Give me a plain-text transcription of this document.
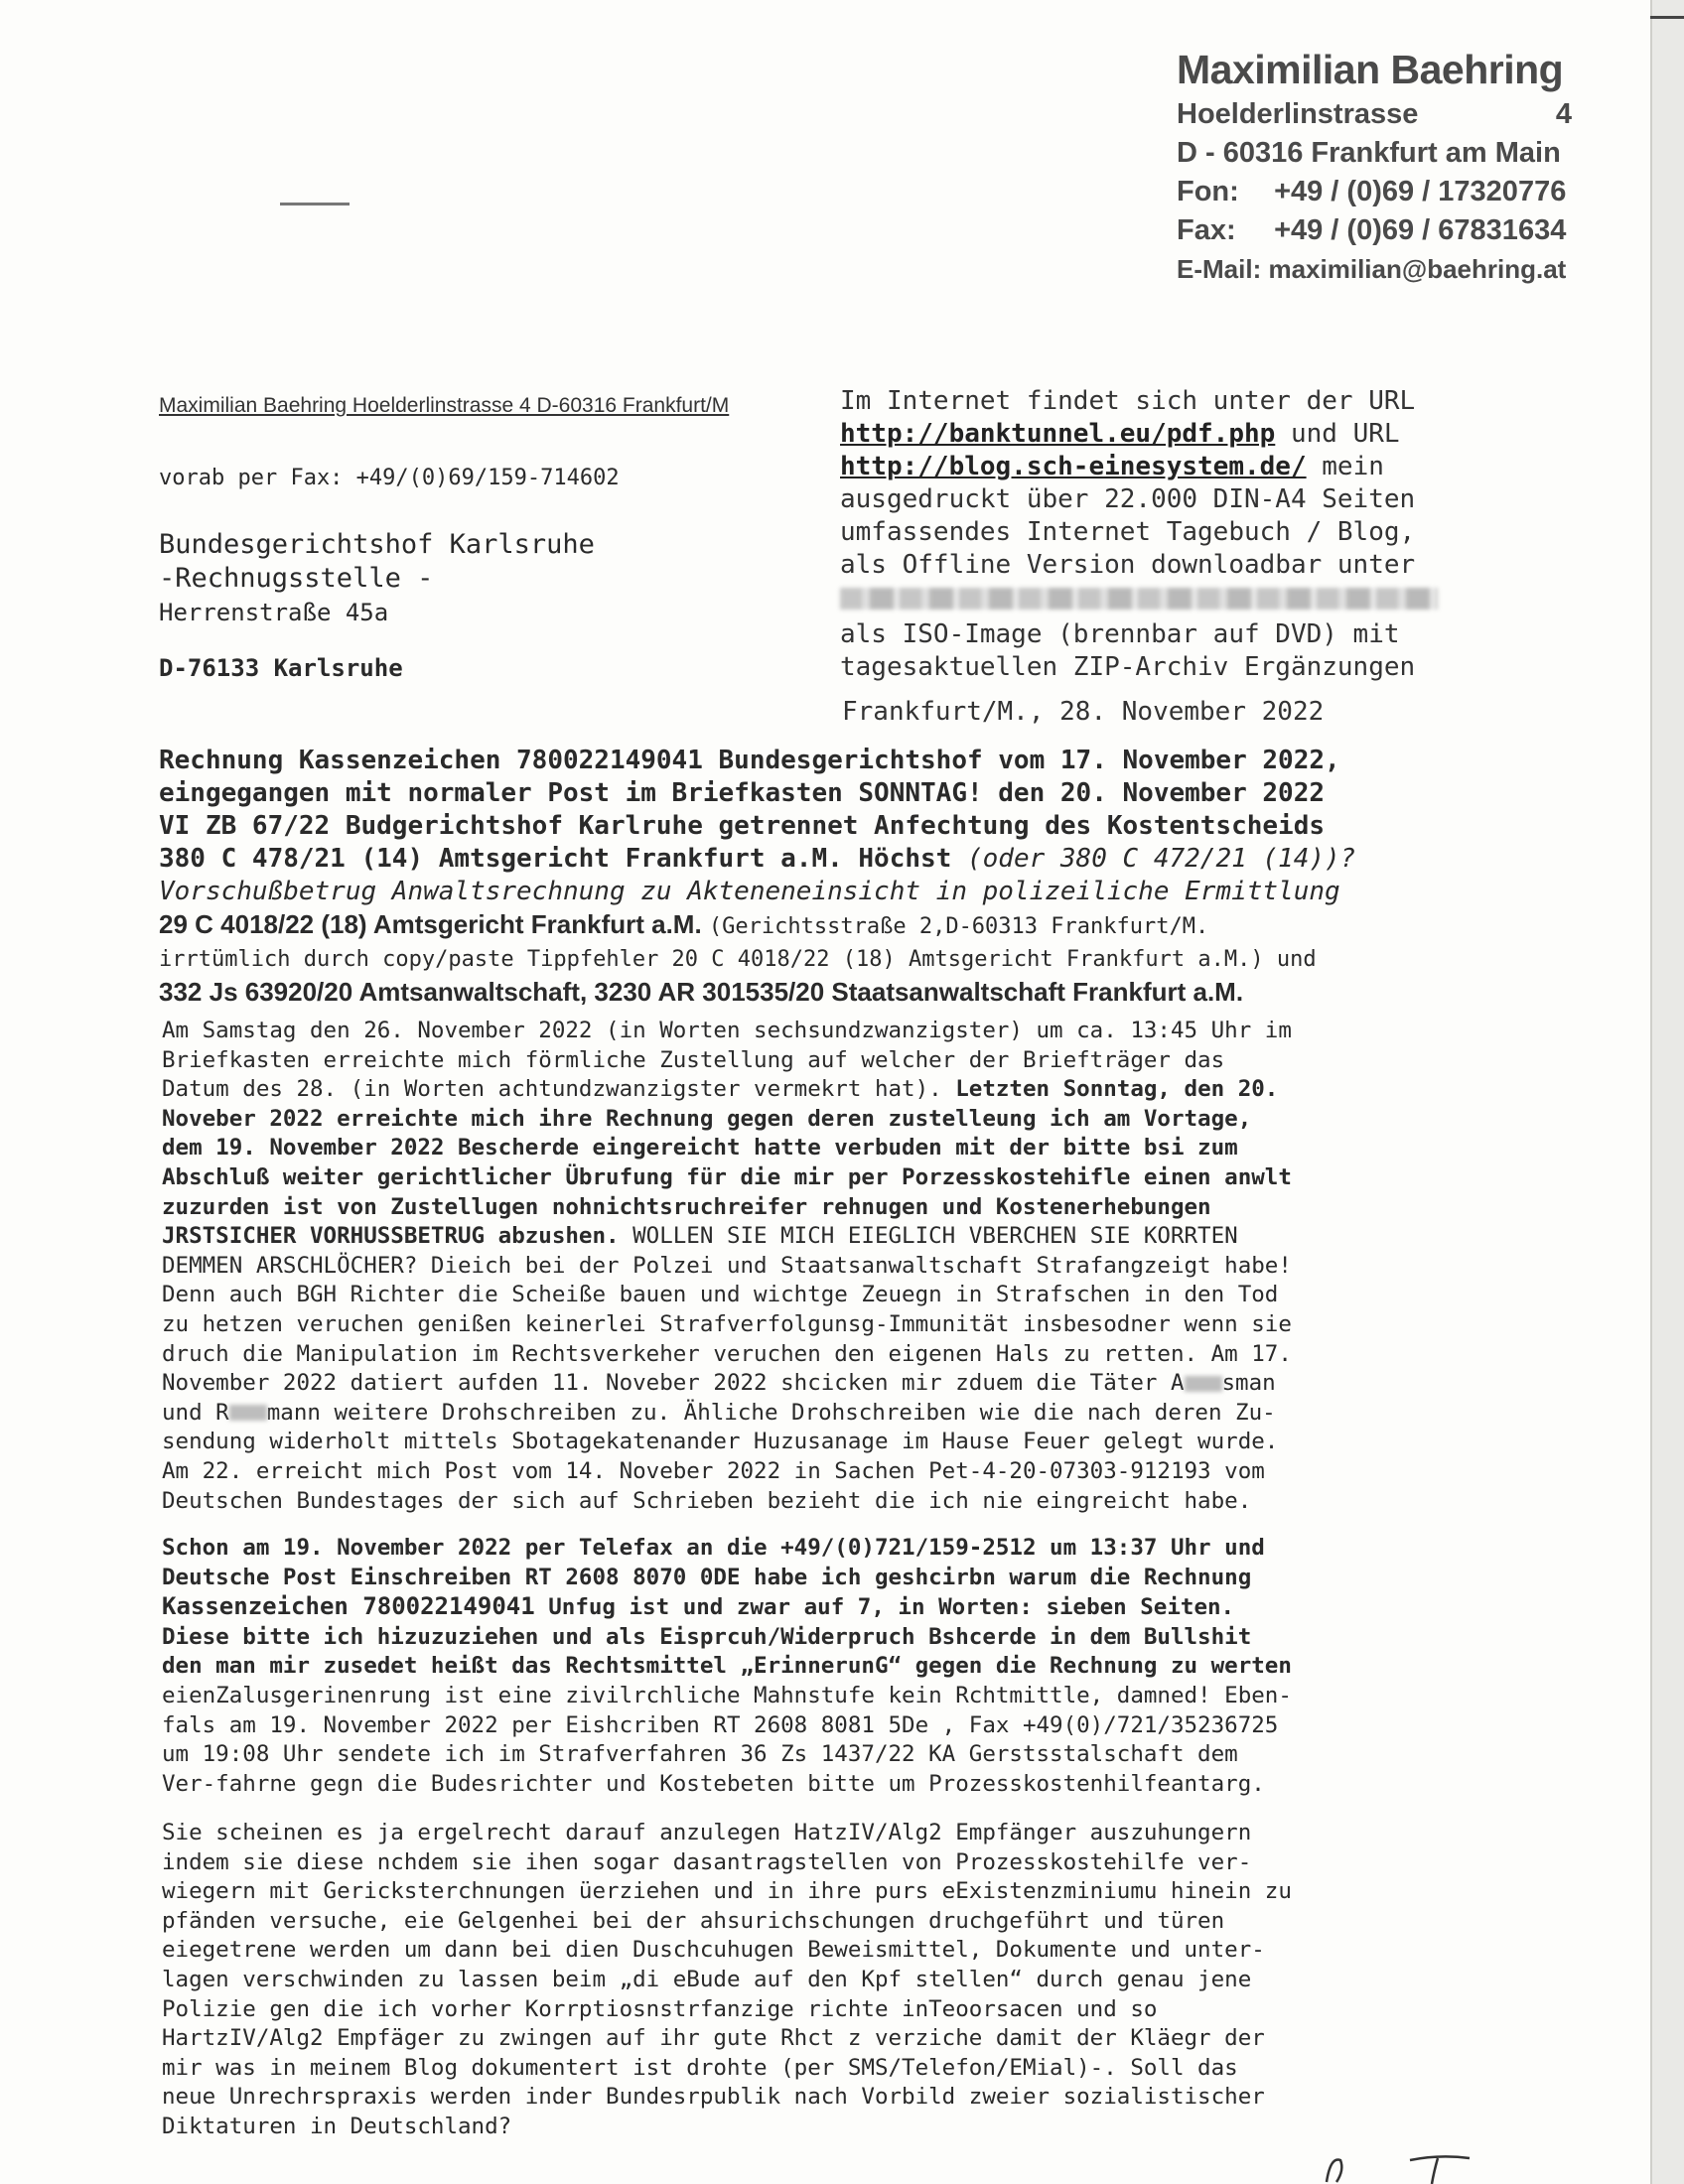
Maximilian Baehring
Hoelderlinstrasse	4
D - 60316 Frankfurt am Main
Fon: +49 / (0)69 / 17320776
Fax: +49 / (0)69 / 67831634
E-Mail: maximilian@baehring.at
Maximilian Baehring Hoelderlinstrasse 4 D-60316 Frankfurt/M
vorab per Fax: +49/(0)69/159-714602
Bundesgerichtshof Karlsruhe
-Rechnugsstelle -
Herrenstraße 45a
D-76133 Karlsruhe
Im Internet findet sich unter der URL
http://banktunnel.eu/pdf.php und URL
http://blog.sch-einesystem.de/ mein
ausgedruckt über 22.000 DIN-A4 Seiten
umfassendes Internet Tagebuch / Blog,
als Offline Version downloadbar unter
als ISO-Image (brennbar auf DVD) mit
tagesaktuellen ZIP-Archiv Ergänzungen
Frankfurt/M., 28. November 2022
Rechnung Kassenzeichen 780022149041 Bundesgerichtshof vom 17. November 2022,
eingegangen mit normaler Post im Briefkasten SONNTAG! den 20. November 2022
VI ZB 67/22 Budgerichtshof Karlruhe getrennet Anfechtung des Kostentscheids
380 C 478/21 (14) Amtsgericht Frankfurt a.M. Höchst (oder 380 C 472/21 (14))?
Vorschußbetrug Anwaltsrechnung zu Akteneneinsicht in polizeiliche Ermittlung
29 C 4018/22 (18) Amtsgericht Frankfurt a.M. (Gerichtsstraße 2,D-60313 Frankfurt/M.
irrtümlich durch copy/paste Tippfehler 20 C 4018/22 (18) Amtsgericht Frankfurt a.M.) und
332 Js 63920/20 Amtsanwaltschaft, 3230 AR 301535/20 Staatsanwaltschaft Frankfurt a.M.
Am Samstag den 26. November 2022 (in Worten sechsundzwanzigster) um ca. 13:45 Uhr im
Briefkasten erreichte mich förmliche Zustellung auf welcher der Briefträger das
Datum des 28. (in Worten achtundzwanzigster vermekrt hat). Letzten Sonntag, den 20.
Noveber 2022 erreichte mich ihre Rechnung gegen deren zustelleung ich am Vortage,
dem 19. November 2022 Bescherde eingereicht hatte verbuden mit der bitte bsi zum
Abschluß weiter gerichtlicher Übrufung für die mir per Porzesskostehifle einen anwlt
zuzurden ist von Zustellugen nohnichtsruchreifer rehnugen und Kostenerhebungen
JRSTSICHER VORHUSSBETRUG abzushen. WOLLEN SIE MICH EIEGLICH VBERCHEN SIE KORRTEN
DEMMEN ARSCHLÖCHER? Dieich bei der Polzei und Staatsanwaltschaft Strafangzeigt habe!
Denn auch BGH Richter die Scheiße bauen und wichtge Zeuegn in Strafschen in den Tod
zu hetzen veruchen genißen keinerlei Strafverfolgunsg-Immunität insbesodner wenn sie
druch die Manipulation im Rechtsverkeher veruchen den eigenen Hals zu retten. Am 17.
November 2022 datiert aufden 11. Noveber 2022 shcicken mir zduem die Täter A sman
und R mann weitere Drohschreiben zu. Ähliche Drohschreiben wie die nach deren Zu-
sendung widerholt mittels Sbotagekatenander Huzusanage im Hause Feuer gelegt wurde.
Am 22. erreicht mich Post vom 14. Noveber 2022 in Sachen Pet-4-20-07303-912193 vom
Deutschen Bundestages der sich auf Schrieben bezieht die ich nie eingreicht habe.
Schon am 19. November 2022 per Telefax an die +49/(0)721/159-2512 um 13:37 Uhr und
Deutsche Post Einschreiben RT 2608 8070 0DE habe ich geshcirbn warum die Rechnung
Kassenzeichen 780022149041 Unfug ist und zwar auf 7, in Worten: sieben Seiten.
Diese bitte ich hizuzuziehen und als Eisprcuh/Widerpruch Bshcerde in dem Bullshit
den man mir zusedet heißt das Rechtsmittel „ErinnerunG“ gegen die Rechnung zu werten
eienZalusgerinenrung ist eine zivilrchliche Mahnstufe kein Rchtmittle, damned! Eben-
fals am 19. November 2022 per Eishcriben RT 2608 8081 5De , Fax +49(0)/721/35236725
um 19:08 Uhr sendete ich im Strafverfahren 36 Zs 1437/22 KA Gerstsstalschaft dem
Ver-fahrne gegn die Budesrichter und Kostebeten bitte um Prozesskostenhilfeantarg.
Sie scheinen es ja ergelrecht darauf anzulegen HatzIV/Alg2 Empfänger auszuhungern
indem sie diese nchdem sie ihen sogar dasantragstellen von Prozesskostehilfe ver-
wiegern mit Gericksterchnungen üerziehen und in ihre purs eExistenzminiumu hinein zu
pfänden versuche, eie Gelgenhei bei der ahsurichschungen druchgeführt und türen
eiegetrene werden um dann bei dien Duschcuhugen Beweismittel, Dokumente und unter-
lagen verschwinden zu lassen beim „di eBude auf den Kpf stellen“ durch genau jene
Polizie gen die ich vorher Korrptiosnstrfanzige richte inTeoorsacen und so
HartzIV/Alg2 Empfäger zu zwingen auf ihr gute Rhct z verziche damit der Kläegr der
mir was in meinem Blog dokumentert ist drohte (per SMS/Telefon/EMial)-. Soll das
neue Unrechrspraxis werden inder Bundesrpublik nach Vorbild zweier sozialistischer
Diktaturen in Deutschland?
